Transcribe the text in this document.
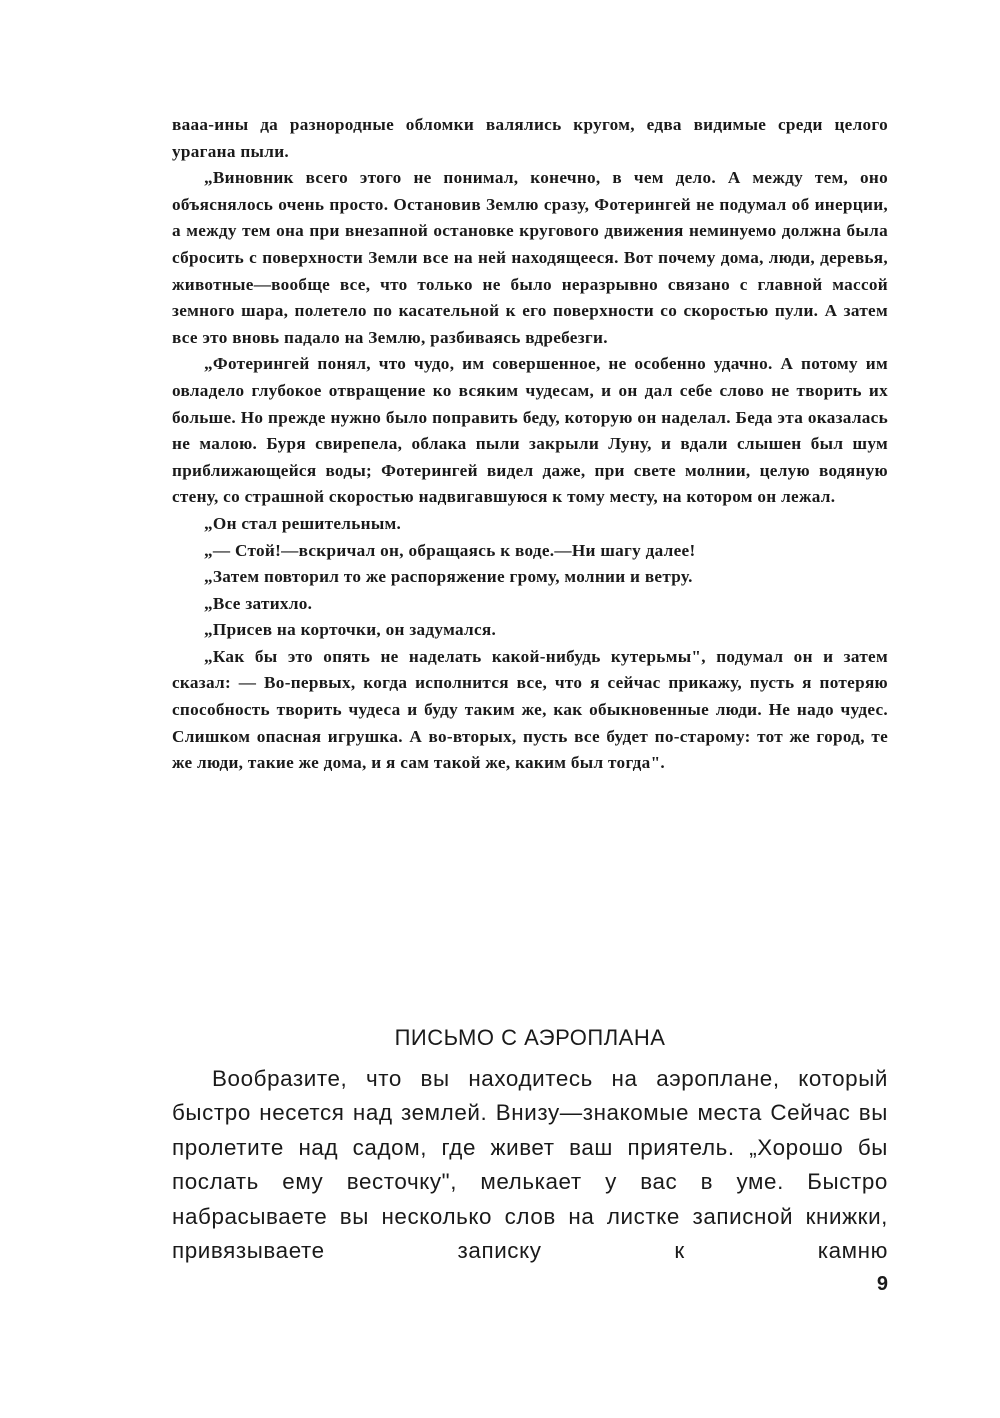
вааа-ины да разнородные обломки валялись кругом, едва видимые среди целого урагана пыли.

„Виновник всего этого не понимал, конечно, в чем дело. А между тем, оно объяснялось очень просто. Остановив Землю сразу, Фотерингей не подумал об инерции, а между тем она при внезапной остановке кругового движения неминуемо должна была сбросить с поверхности Земли все на ней находящееся. Вот почему дома, люди, деревья, животные—вообще все, что только не было неразрывно связано с главной массой земного шара, полетело по касательной к его поверхности со скоростью пули. А затем все это вновь падало на Землю, разбиваясь вдребезги.

„Фотерингей понял, что чудо, им совершенное, не особенно удачно. А потому им овладело глубокое отвращение ко всяким чудесам, и он дал себе слово не творить их больше. Но прежде нужно было поправить беду, которую он наделал. Беда эта оказалась не малою. Буря свирепела, облака пыли закрыли Луну, и вдали слышен был шум приближающейся воды; Фотерингей видел даже, при свете молнии, целую водяную стену, со страшной скоростью надвигавшуюся к тому месту, на котором он лежал.

„Он стал решительным.

„— Стой!—вскричал он, обращаясь к воде.—Ни шагу далее!

„Затем повторил то же распоряжение грому, молнии и ветру.

„Все затихло.

„Присев на корточки, он задумался.

„Как бы это опять не наделать какой-нибудь кутерьмы", подумал он и затем сказал: — Во-первых, когда исполнится все, что я сейчас прикажу, пусть я потеряю способность творить чудеса и буду таким же, как обыкновенные люди. Не надо чудес. Слишком опасная игрушка. А во-вторых, пусть все будет по-старому: тот же город, те же люди, такие же дома, и я сам такой же, каким был тогда".

ПИСЬМО С АЭРОПЛАНА

Вообразите, что вы находитесь на аэроплане, который быстро несется над землей. Внизу—знакомые места Сейчас вы пролетите над садом, где живет ваш приятель. „Хорошо бы послать ему весточку", мелькает у вас в уме. Быстро набрасываете вы несколько слов на листке записной книжки, привязываете записку к камню

9
